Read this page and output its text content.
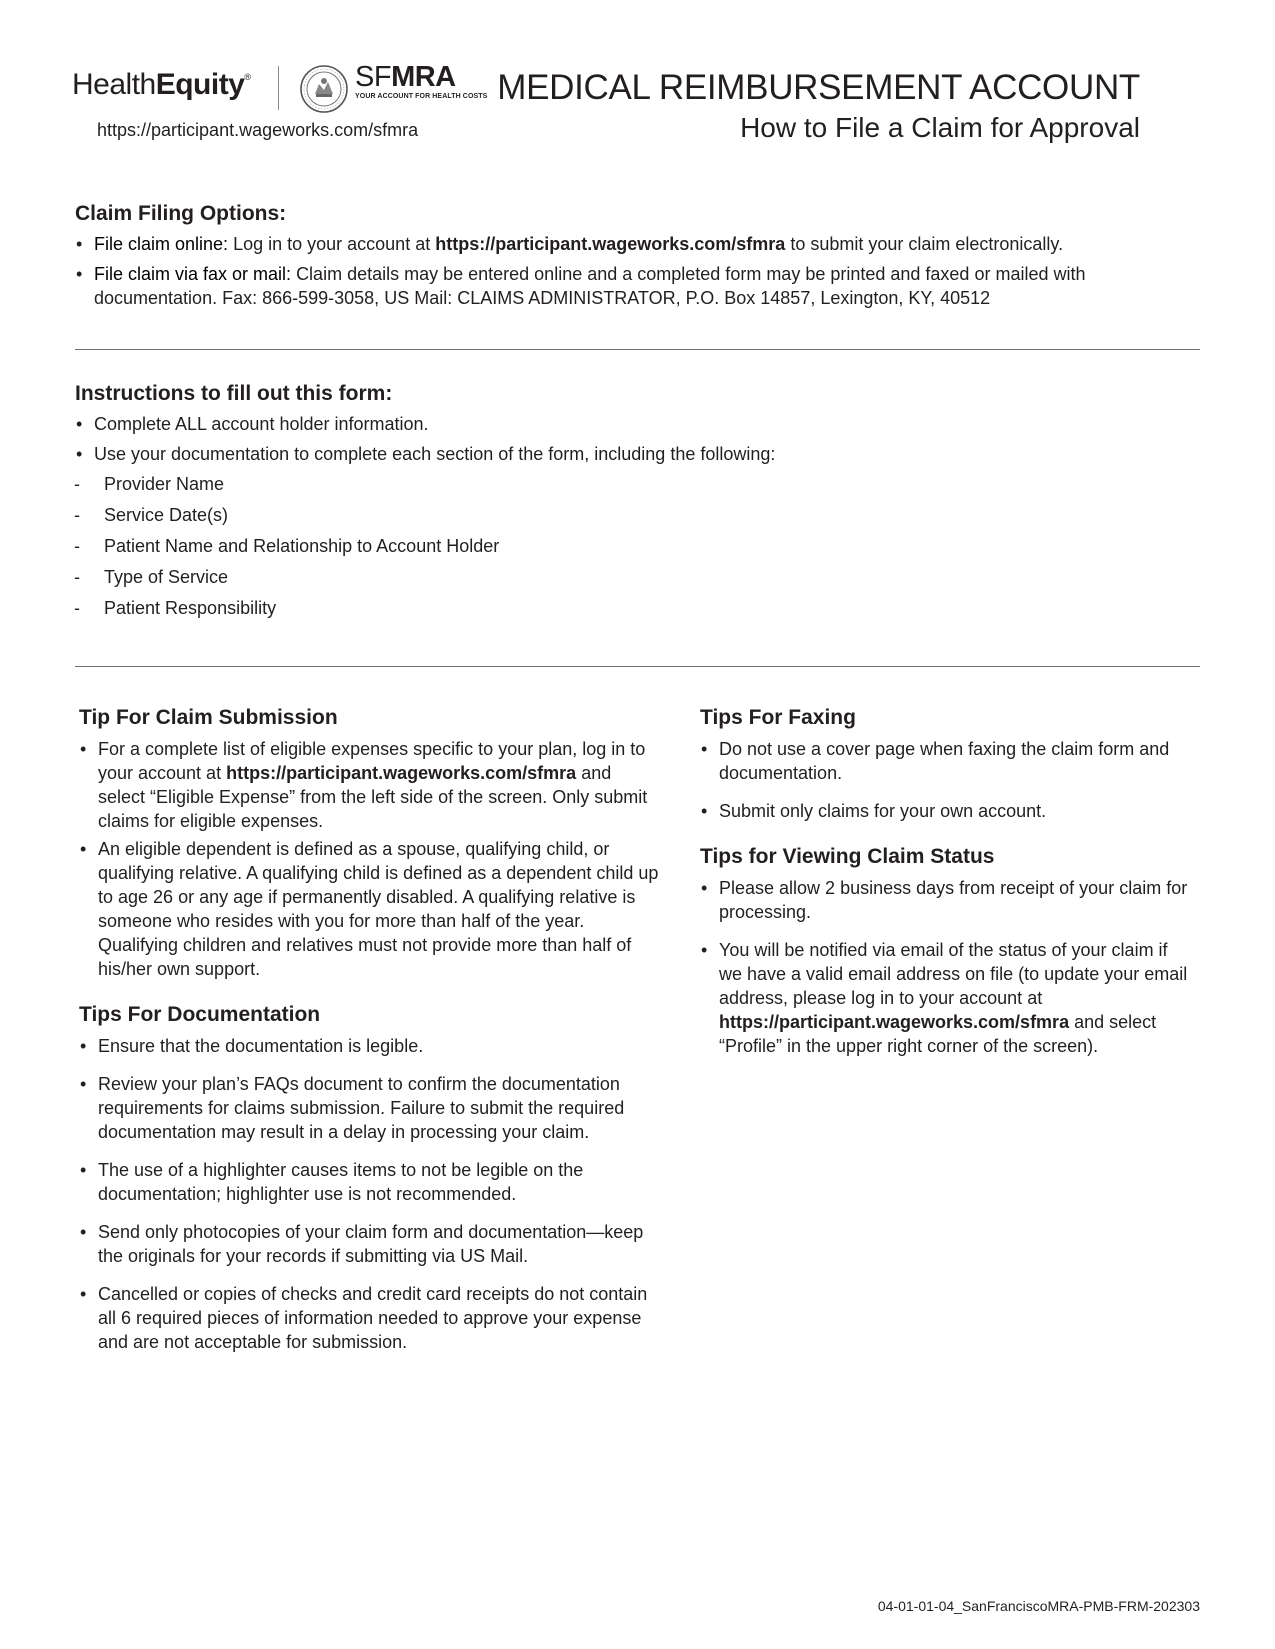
HealthEquity®	SFMRA
YOUR ACCOUNT FOR HEALTH COSTS
https://participant.wageworks.com/sfmra
MEDICAL REIMBURSEMENT ACCOUNT
How to File a Claim for Approval
Claim Filing Options:
• File claim online: Log in to your account at https://participant.wageworks.com/sfmra to submit your claim electronically.
• File claim via fax or mail: Claim details may be entered online and a completed form may be printed and faxed or mailed with documentation. Fax: 866-599-3058, US Mail: CLAIMS ADMINISTRATOR, P.O. Box 14857, Lexington, KY, 40512
Instructions to fill out this form:
• Complete ALL account holder information.
• Use your documentation to complete each section of the form, including the following:
- Provider Name
- Service Date(s)
- Patient Name and Relationship to Account Holder
- Type of Service
- Patient Responsibility
Tip For Claim Submission
• For a complete list of eligible expenses specific to your plan, log in to your account at https://participant.wageworks.com/sfmra and select “Eligible Expense” from the left side of the screen. Only submit claims for eligible expenses.
• An eligible dependent is defined as a spouse, qualifying child, or qualifying relative. A qualifying child is defined as a dependent child up to age 26 or any age if permanently disabled. A qualifying relative is someone who resides with you for more than half of the year. Qualifying children and relatives must not provide more than half of his/her own support.
Tips For Documentation
• Ensure that the documentation is legible.
• Review your plan’s FAQs document to confirm the documentation requirements for claims submission. Failure to submit the required documentation may result in a delay in processing your claim.
• The use of a highlighter causes items to not be legible on the documentation; highlighter use is not recommended.
• Send only photocopies of your claim form and documentation—keep the originals for your records if submitting via US Mail.
• Cancelled or copies of checks and credit card receipts do not contain all 6 required pieces of information needed to approve your expense and are not acceptable for submission.
Tips For Faxing
• Do not use a cover page when faxing the claim form and documentation.
• Submit only claims for your own account.
Tips for Viewing Claim Status
• Please allow 2 business days from receipt of your claim for processing.
• You will be notified via email of the status of your claim if we have a valid email address on file (to update your email address, please log in to your account at https://participant.wageworks.com/sfmra and select “Profile” in the upper right corner of the screen).
04-01-01-04_SanFranciscoMRA-PMB-FRM-202303
